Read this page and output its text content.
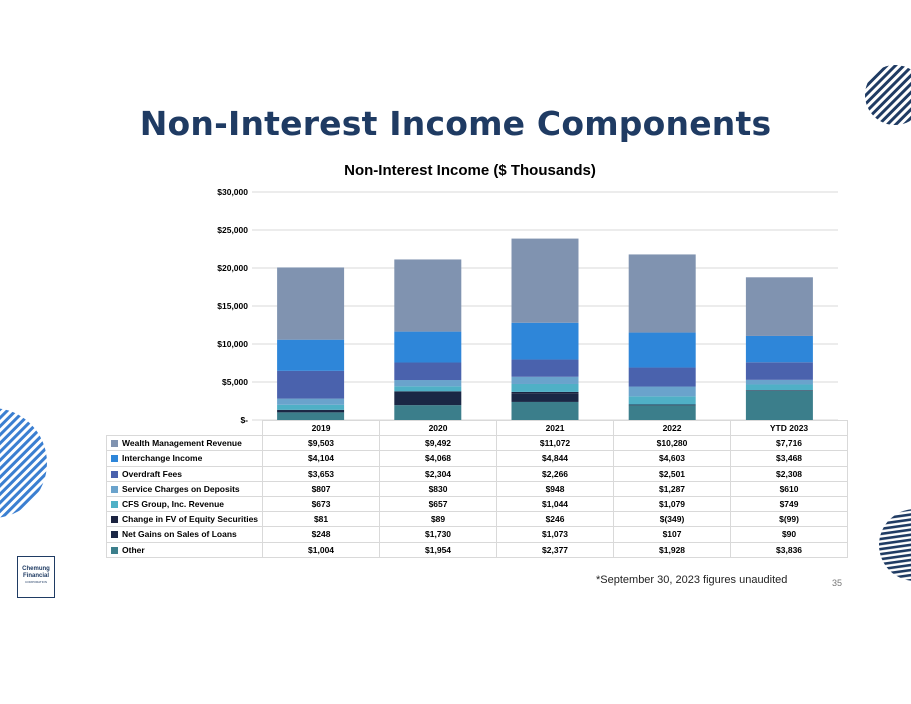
Non-Interest Income Components
Non-Interest Income ($ Thousands)
$-
$5,000
$10,000
$15,000
$20,000
$25,000
$30,000
	2019	2020	2021	2022	YTD 2023
Wealth Management Revenue	$9,503	$9,492	$11,072	$10,280	$7,716
Interchange Income	$4,104	$4,068	$4,844	$4,603	$3,468
Overdraft Fees	$3,653	$2,304	$2,266	$2,501	$2,308
Service Charges on Deposits	$807	$830	$948	$1,287	$610
CFS Group, Inc. Revenue	$673	$657	$1,044	$1,079	$749
Change in FV of Equity Securities	$81	$89	$246	$(349)	$(99)
Net Gains on Sales of Loans	$248	$1,730	$1,073	$107	$90
Other	$1,004	$1,954	$2,377	$1,928	$3,836
*September 30, 2023 figures unaudited	35
Chemung
Financial
CORPORATION
